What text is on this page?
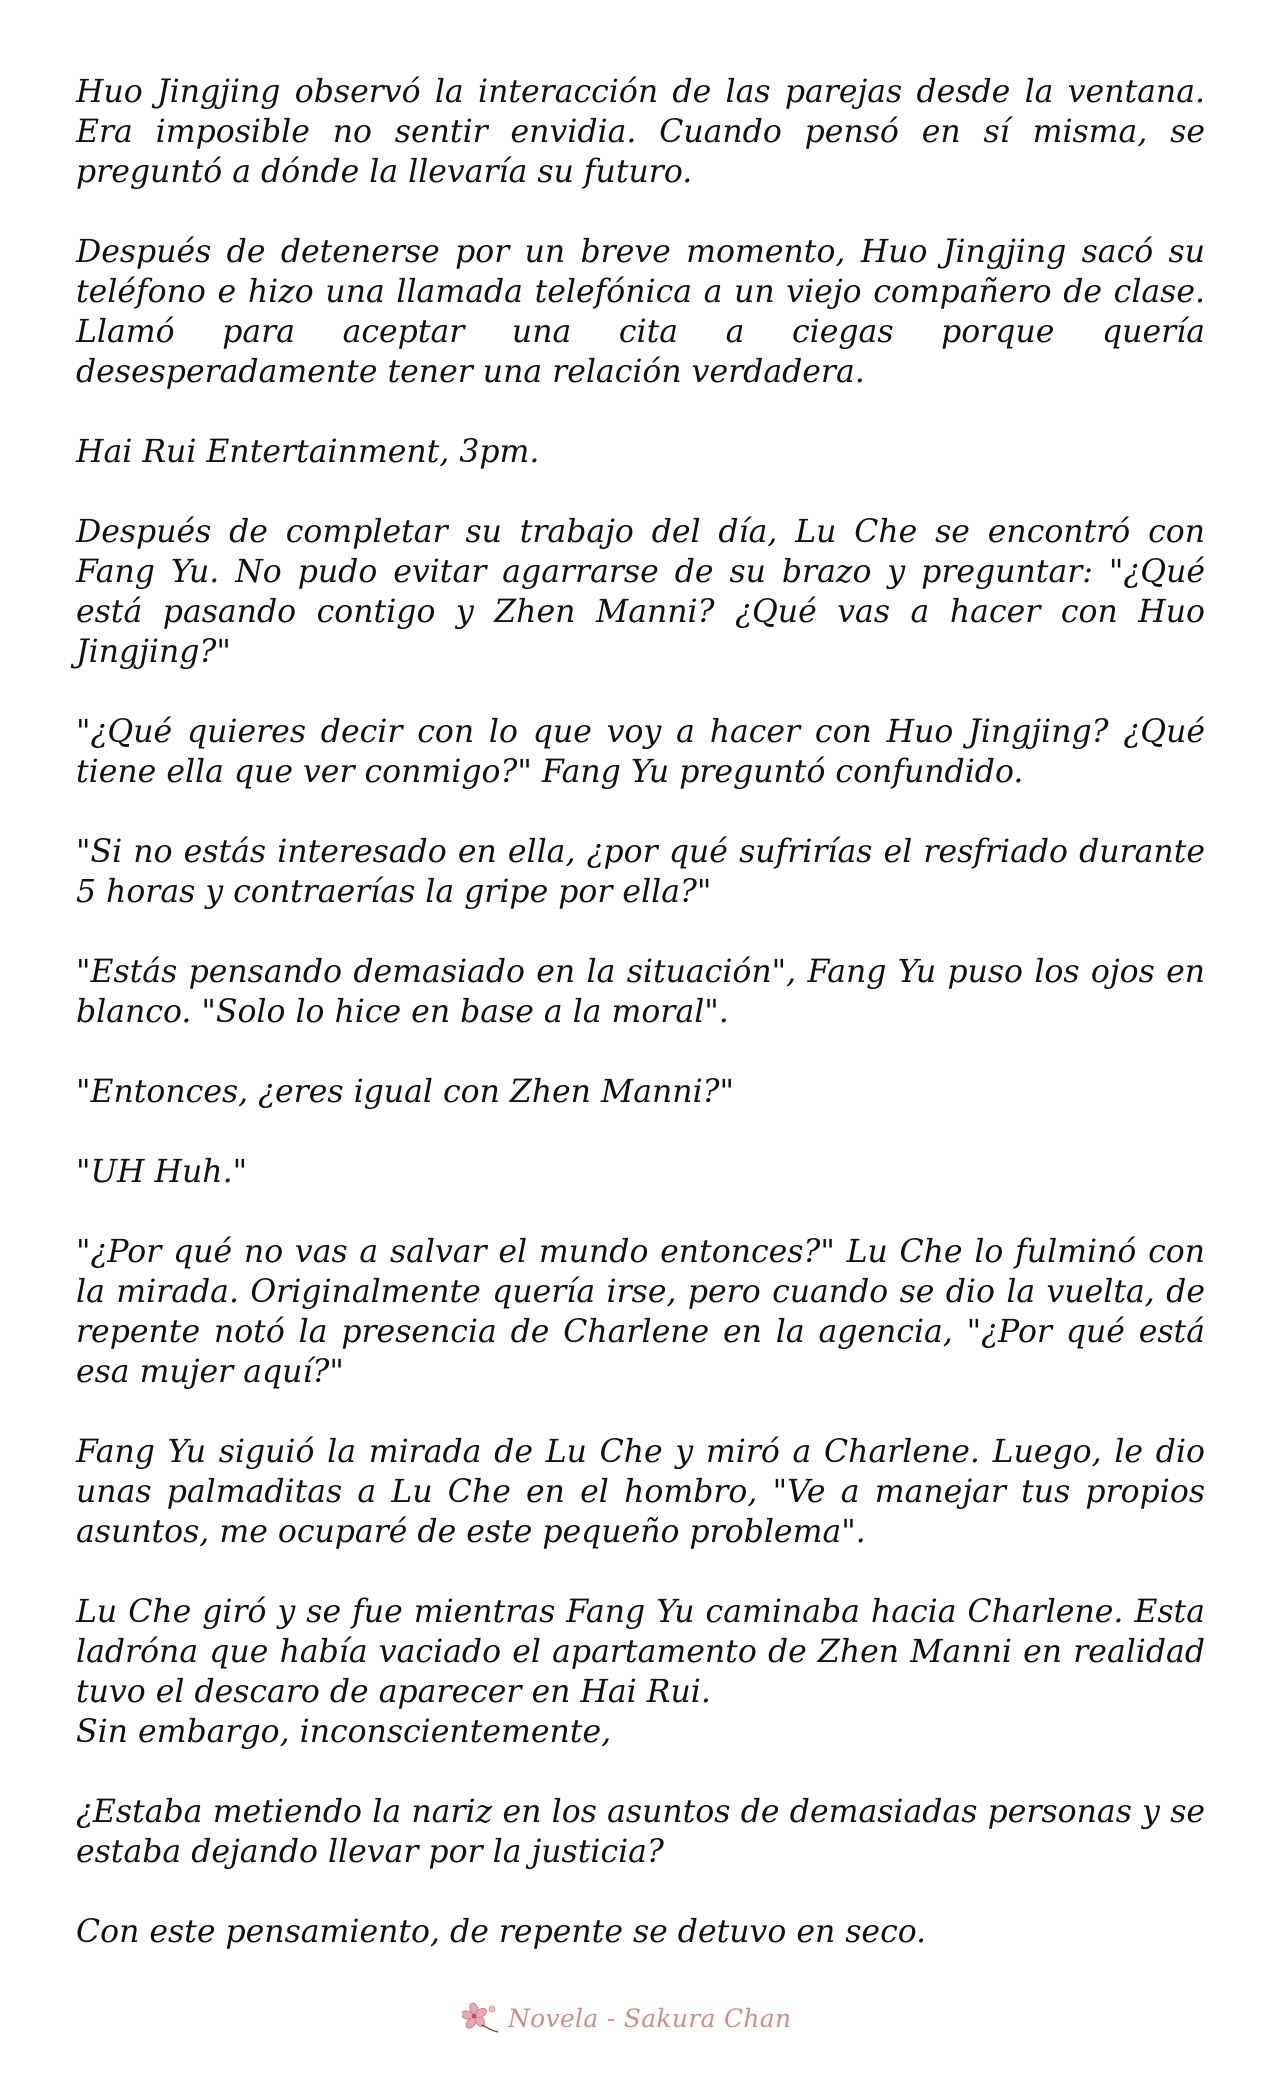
Huo Jingjing observó la interacción de las parejas desde la ventana. Era imposible no sentir envidia. Cuando pensó en sí misma, se preguntó a dónde la llevaría su futuro.

Después de detenerse por un breve momento, Huo Jingjing sacó su teléfono e hizo una llamada telefónica a un viejo compañero de clase. Llamó para aceptar una cita a ciegas porque quería desesperadamente tener una relación verdadera.

Hai Rui Entertainment, 3pm.

Después de completar su trabajo del día, Lu Che se encontró con Fang Yu. No pudo evitar agarrarse de su brazo y preguntar: "¿Qué está pasando contigo y Zhen Manni? ¿Qué vas a hacer con Huo Jingjing?"

"¿Qué quieres decir con lo que voy a hacer con Huo Jingjing? ¿Qué tiene ella que ver conmigo?" Fang Yu preguntó confundido.

"Si no estás interesado en ella, ¿por qué sufrirías el resfriado durante 5 horas y contraerías la gripe por ella?"

"Estás pensando demasiado en la situación", Fang Yu puso los ojos en blanco. "Solo lo hice en base a la moral".

"Entonces, ¿eres igual con Zhen Manni?"

"UH Huh."

"¿Por qué no vas a salvar el mundo entonces?" Lu Che lo fulminó con la mirada. Originalmente quería irse, pero cuando se dio la vuelta, de repente notó la presencia de Charlene en la agencia, "¿Por qué está esa mujer aquí?"

Fang Yu siguió la mirada de Lu Che y miró a Charlene. Luego, le dio unas palmaditas a Lu Che en el hombro, "Ve a manejar tus propios asuntos, me ocuparé de este pequeño problema".

Lu Che giró y se fue mientras Fang Yu caminaba hacia Charlene. Esta ladróna que había vaciado el apartamento de Zhen Manni en realidad tuvo el descaro de aparecer en Hai Rui.

Sin embargo, inconscientemente,

¿Estaba metiendo la nariz en los asuntos de demasiadas personas y se estaba dejando llevar por la justicia?

Con este pensamiento, de repente se detuvo en seco.

Novela - Sakura Chan
